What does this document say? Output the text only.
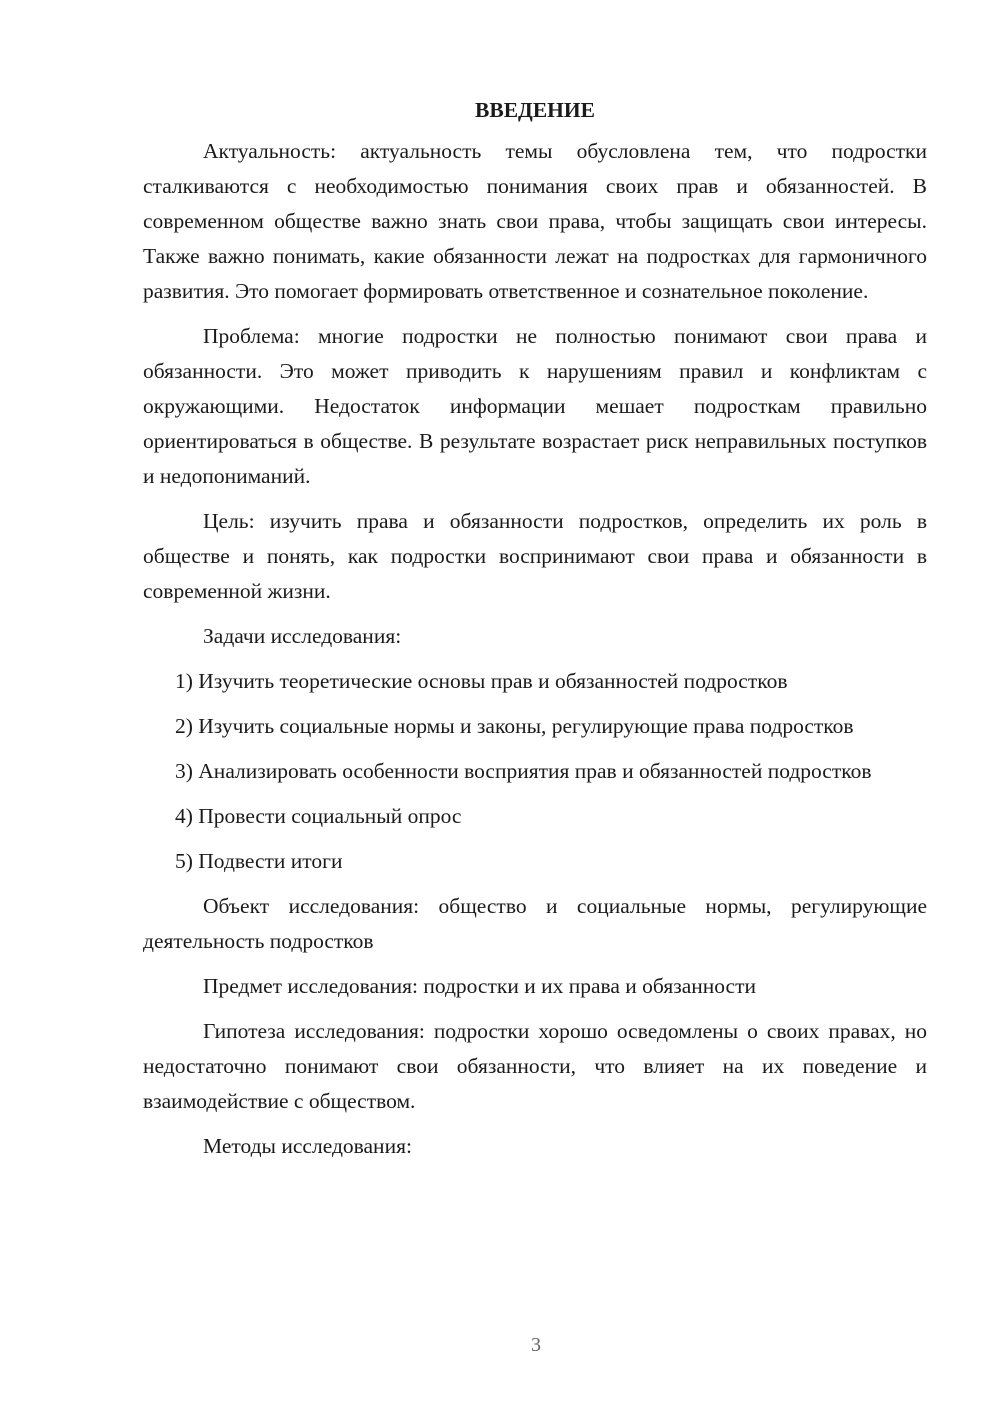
ВВЕДЕНИЕ

Актуальность: актуальность темы обусловлена тем, что подростки сталкиваются с необходимостью понимания своих прав и обязанностей. В современном обществе важно знать свои права, чтобы защищать свои интересы. Также важно понимать, какие обязанности лежат на подростках для гармоничного развития. Это помогает формировать ответственное и сознательное поколение.

Проблема: многие подростки не полностью понимают свои права и обязанности. Это может приводить к нарушениям правил и конфликтам с окружающими. Недостаток информации мешает подросткам правильно ориентироваться в обществе. В результате возрастает риск неправильных поступков и недопониманий.

Цель: изучить права и обязанности подростков, определить их роль в обществе и понять, как подростки воспринимают свои права и обязанности в современной жизни.

Задачи исследования:

1) Изучить теоретические основы прав и обязанностей подростков

2) Изучить социальные нормы и законы, регулирующие права подростков

3) Анализировать особенности восприятия прав и обязанностей подростков

4) Провести социальный опрос

5) Подвести итоги

Объект исследования: общество и социальные нормы, регулирующие деятельность подростков

Предмет исследования: подростки и их права и обязанности

Гипотеза исследования: подростки хорошо осведомлены о своих правах, но недостаточно понимают свои обязанности, что влияет на их поведение и взаимодействие с обществом.

Методы исследования:

3
